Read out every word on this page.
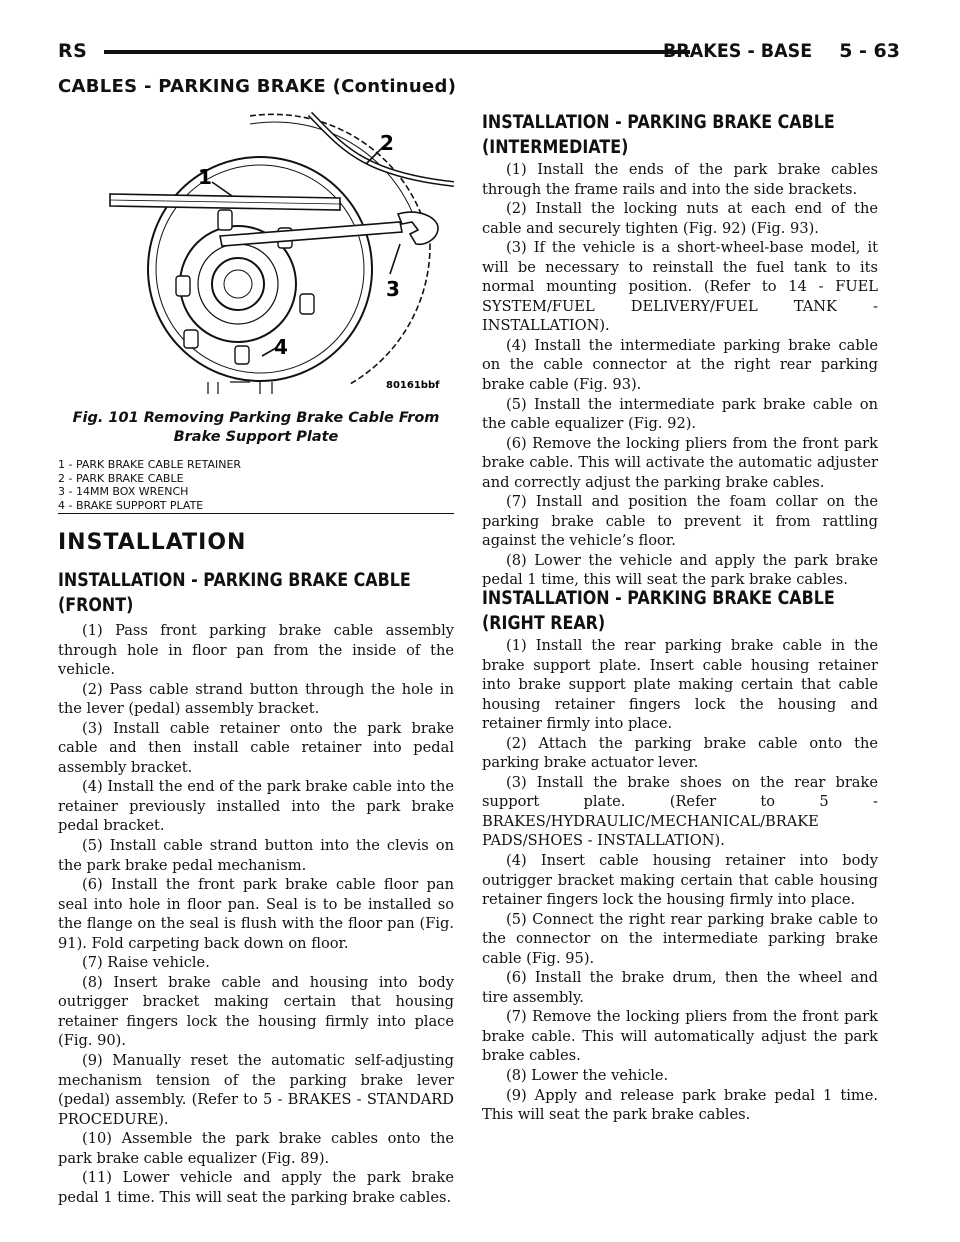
RS	BRAKES - BASE 5 - 63
CABLES - PARKING BRAKE (Continued)
1
2
3
4
80161bbf
Fig. 101 Removing Parking Brake Cable From Brake Support Plate
1 - PARK BRAKE CABLE RETAINER
2 - PARK BRAKE CABLE
3 - 14MM BOX WRENCH
4 - BRAKE SUPPORT PLATE
INSTALLATION
INSTALLATION - PARKING BRAKE CABLE
(FRONT)

(1) Pass front parking brake cable assembly through hole in floor pan from the inside of the vehicle.

(2) Pass cable strand button through the hole in the lever (pedal) assembly bracket.

(3) Install cable retainer onto the park brake cable and then install cable retainer into pedal assembly bracket.

(4) Install the end of the park brake cable into the retainer previously installed into the park brake pedal bracket.

(5) Install cable strand button into the clevis on the park brake pedal mechanism.

(6) Install the front park brake cable floor pan seal into hole in floor pan. Seal is to be installed so the flange on the seal is flush with the floor pan (Fig. 91). Fold carpeting back down on floor.

(7) Raise vehicle.

(8) Insert brake cable and housing into body outrigger bracket making certain that housing retainer fingers lock the housing firmly into place (Fig. 90).

(9) Manually reset the automatic self-adjusting mechanism tension of the parking brake lever (pedal) assembly. (Refer to 5 - BRAKES - STANDARD PROCEDURE).

(10) Assemble the park brake cables onto the park brake cable equalizer (Fig. 89).

(11) Lower vehicle and apply the park brake pedal 1 time. This will seat the parking brake cables.

INSTALLATION - PARKING BRAKE CABLE
(INTERMEDIATE)

(1) Install the ends of the park brake cables through the frame rails and into the side brackets.

(2) Install the locking nuts at each end of the cable and securely tighten (Fig. 92) (Fig. 93).

(3) If the vehicle is a short-wheel-base model, it will be necessary to reinstall the fuel tank to its normal mounting position. (Refer to 14 - FUEL SYSTEM/FUEL DELIVERY/FUEL TANK - INSTALLATION).

(4) Install the intermediate parking brake cable on the cable connector at the right rear parking brake cable (Fig. 93).

(5) Install the intermediate park brake cable on the cable equalizer (Fig. 92).

(6) Remove the locking pliers from the front park brake cable. This will activate the automatic adjuster and correctly adjust the parking brake cables.

(7) Install and position the foam collar on the parking brake cable to prevent it from rattling against the vehicle’s floor.

(8) Lower the vehicle and apply the park brake pedal 1 time, this will seat the park brake cables.

INSTALLATION - PARKING BRAKE CABLE
(RIGHT REAR)

(1) Install the rear parking brake cable in the brake support plate. Insert cable housing retainer into brake support plate making certain that cable housing retainer fingers lock the housing and retainer firmly into place.

(2) Attach the parking brake cable onto the parking brake actuator lever.

(3) Install the brake shoes on the rear brake support plate. (Refer to 5 - BRAKES/HYDRAULIC/MECHANICAL/BRAKE PADS/SHOES - INSTALLATION).

(4) Insert cable housing retainer into body outrigger bracket making certain that cable housing retainer fingers lock the housing firmly into place.

(5) Connect the right rear parking brake cable to the connector on the intermediate parking brake cable (Fig. 95).

(6) Install the brake drum, then the wheel and tire assembly.

(7) Remove the locking pliers from the front park brake cable. This will automatically adjust the park brake cables.

(8) Lower the vehicle.

(9) Apply and release park brake pedal 1 time. This will seat the park brake cables.
